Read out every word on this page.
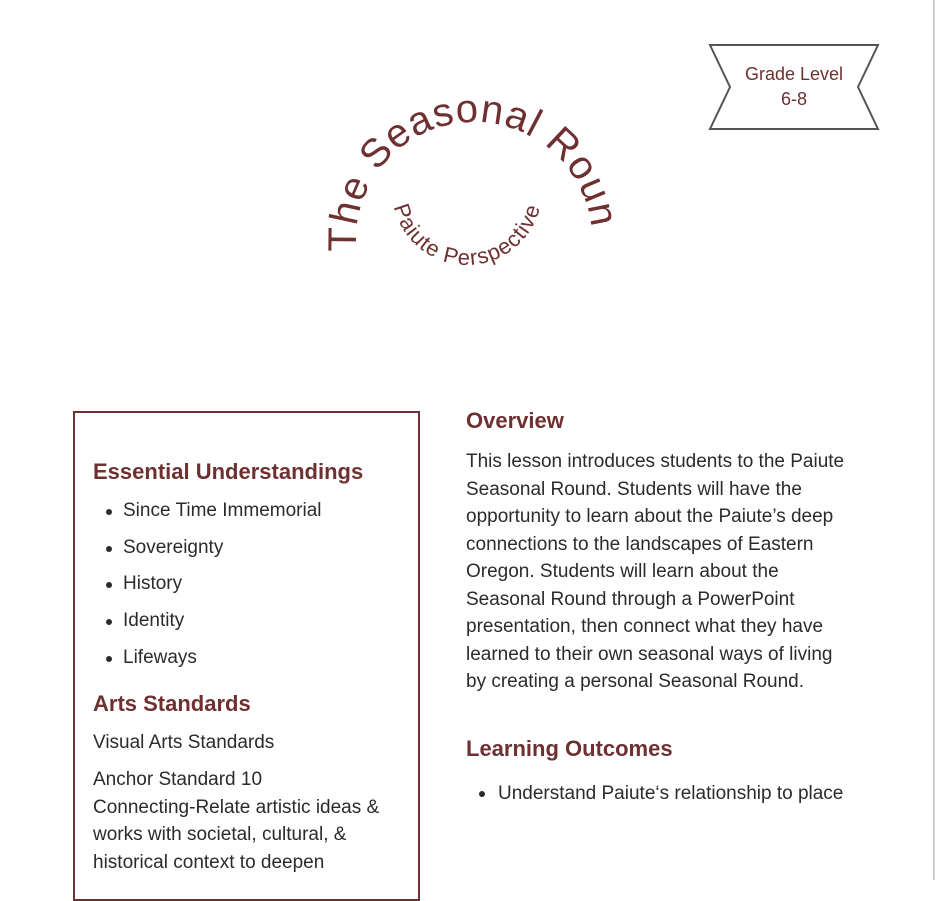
The Seasonal Roun
Paiute Perspective
Grade Level
6-8
Essential Understandings
Since Time Immemorial
Sovereignty
History
Identity
Lifeways
Arts Standards

Visual Arts Standards

Anchor Standard 10

Connecting-Relate artistic ideas & works with societal, cultural, & historical context to deepen

Overview

This lesson introduces students to the Paiute Seasonal Round. Students will have the opportunity to learn about the Paiute’s deep connections to the landscapes of Eastern Oregon. Students will learn about the Seasonal Round through a PowerPoint presentation, then connect what they have learned to their own seasonal ways of living by creating a personal Seasonal Round.

Learning Outcomes
Understand Paiute‘s relationship to place
